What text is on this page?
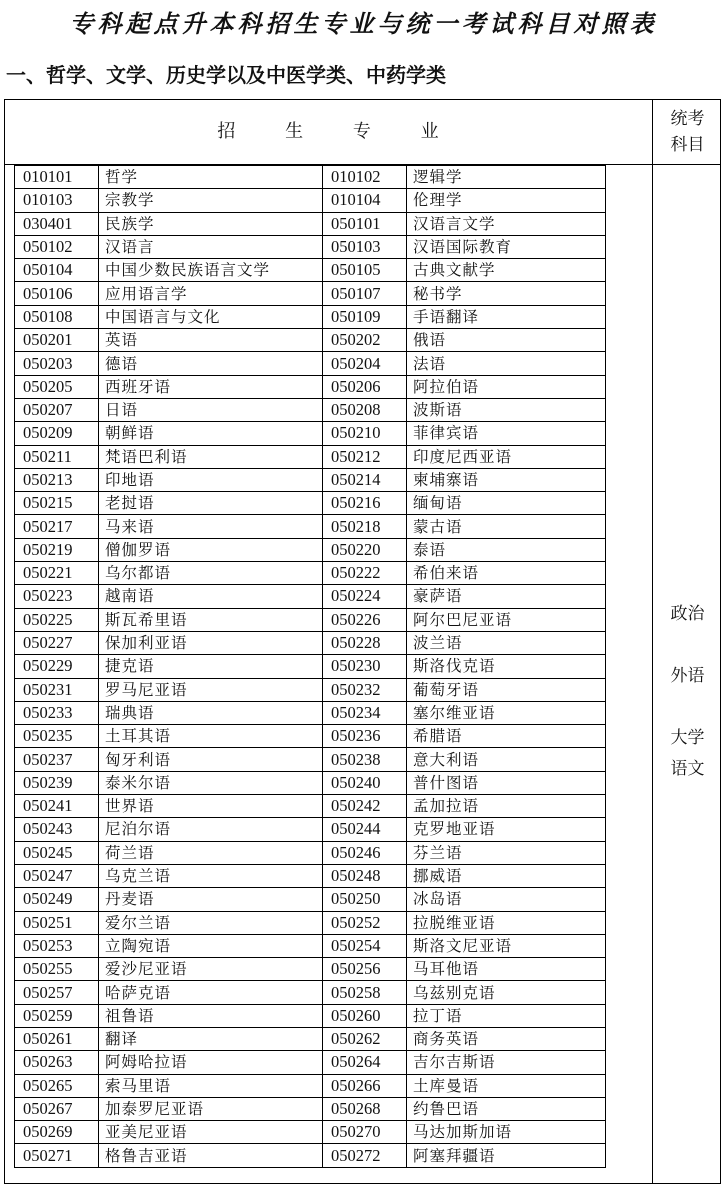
专科起点升本科招生专业与统一考试科目对照表
一、哲学、文学、历史学以及中医学类、中药学类
招 生 专 业
统考
科目
政治
外语
大学
语文
010101	哲学	010102	逻辑学
010103	宗教学	010104	伦理学
030401	民族学	050101	汉语言文学
050102	汉语言	050103	汉语国际教育
050104	中国少数民族语言文学	050105	古典文献学
050106	应用语言学	050107	秘书学
050108	中国语言与文化	050109	手语翻译
050201	英语	050202	俄语
050203	德语	050204	法语
050205	西班牙语	050206	阿拉伯语
050207	日语	050208	波斯语
050209	朝鲜语	050210	菲律宾语
050211	梵语巴利语	050212	印度尼西亚语
050213	印地语	050214	柬埔寨语
050215	老挝语	050216	缅甸语
050217	马来语	050218	蒙古语
050219	僧伽罗语	050220	泰语
050221	乌尔都语	050222	希伯来语
050223	越南语	050224	豪萨语
050225	斯瓦希里语	050226	阿尔巴尼亚语
050227	保加利亚语	050228	波兰语
050229	捷克语	050230	斯洛伐克语
050231	罗马尼亚语	050232	葡萄牙语
050233	瑞典语	050234	塞尔维亚语
050235	土耳其语	050236	希腊语
050237	匈牙利语	050238	意大利语
050239	泰米尔语	050240	普什图语
050241	世界语	050242	孟加拉语
050243	尼泊尔语	050244	克罗地亚语
050245	荷兰语	050246	芬兰语
050247	乌克兰语	050248	挪威语
050249	丹麦语	050250	冰岛语
050251	爱尔兰语	050252	拉脱维亚语
050253	立陶宛语	050254	斯洛文尼亚语
050255	爱沙尼亚语	050256	马耳他语
050257	哈萨克语	050258	乌兹别克语
050259	祖鲁语	050260	拉丁语
050261	翻译	050262	商务英语
050263	阿姆哈拉语	050264	吉尔吉斯语
050265	索马里语	050266	土库曼语
050267	加泰罗尼亚语	050268	约鲁巴语
050269	亚美尼亚语	050270	马达加斯加语
050271	格鲁吉亚语	050272	阿塞拜疆语
